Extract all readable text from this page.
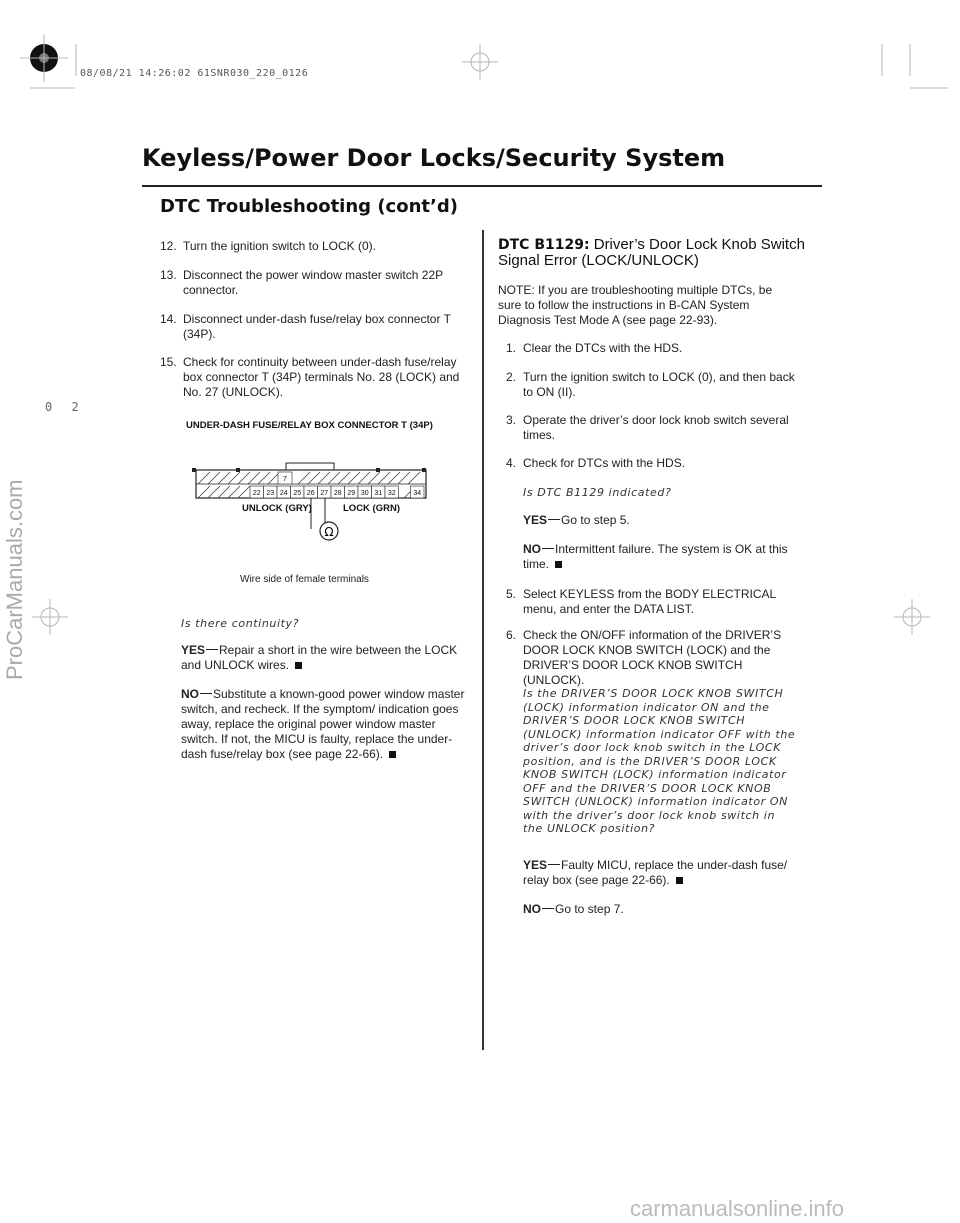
08/08/21 14:26:02 61SNR030_220_0126
0 2
ProCarManuals.com
carmanualsonline.info
Keyless/Power Door Locks/Security System
DTC Troubleshooting (cont’d)
12. Turn the ignition switch to LOCK (0).
13. Disconnect the power window master switch 22P connector.
14. Disconnect under-dash fuse/relay box connector T (34P).
15. Check for continuity between under-dash fuse/relay box connector T (34P) terminals No. 28 (LOCK) and No. 27 (UNLOCK).
UNDER-DASH FUSE/RELAY BOX CONNECTOR T (34P)
7
22 23 24 25 26 27 28 29 30 31 32	34
Ω
UNLOCK (GRY)	LOCK (GRN)
Wire side of female terminals
Is there continuity?
YES Repair a short in the wire between the LOCK and UNLOCK wires.
NO Substitute a known-good power window master switch, and recheck. If the symptom/ indication goes away, replace the original power window master switch. If not, the MICU is faulty, replace the under-dash fuse/relay box (see page 22-66).
DTC B1129: Driver’s Door Lock Knob Switch Signal Error (LOCK/UNLOCK)
NOTE: If you are troubleshooting multiple DTCs, be sure to follow the instructions in B-CAN System Diagnosis Test Mode A (see page 22-93).
1. Clear the DTCs with the HDS.
2. Turn the ignition switch to LOCK (0), and then back to ON (II).
3. Operate the driver’s door lock knob switch several times.
4. Check for DTCs with the HDS.
Is DTC B1129 indicated?
YES Go to step 5.
NO Intermittent failure. The system is OK at this time.
5. Select KEYLESS from the BODY ELECTRICAL menu, and enter the DATA LIST.
6. Check the ON/OFF information of the DRIVER’S DOOR LOCK KNOB SWITCH (LOCK) and the DRIVER’S DOOR LOCK KNOB SWITCH (UNLOCK).
Is the DRIVER’S DOOR LOCK KNOB SWITCH (LOCK) information indicator ON and the DRIVER’S DOOR LOCK KNOB SWITCH (UNLOCK) information indicator OFF with the driver’s door lock knob switch in the LOCK position, and is the DRIVER’S DOOR LOCK KNOB SWITCH (LOCK) information indicator OFF and the DRIVER’S DOOR LOCK KNOB SWITCH (UNLOCK) information indicator ON with the driver’s door lock knob switch in the UNLOCK position?
YES Faulty MICU, replace the under-dash fuse/ relay box (see page 22-66).
NO Go to step 7.
